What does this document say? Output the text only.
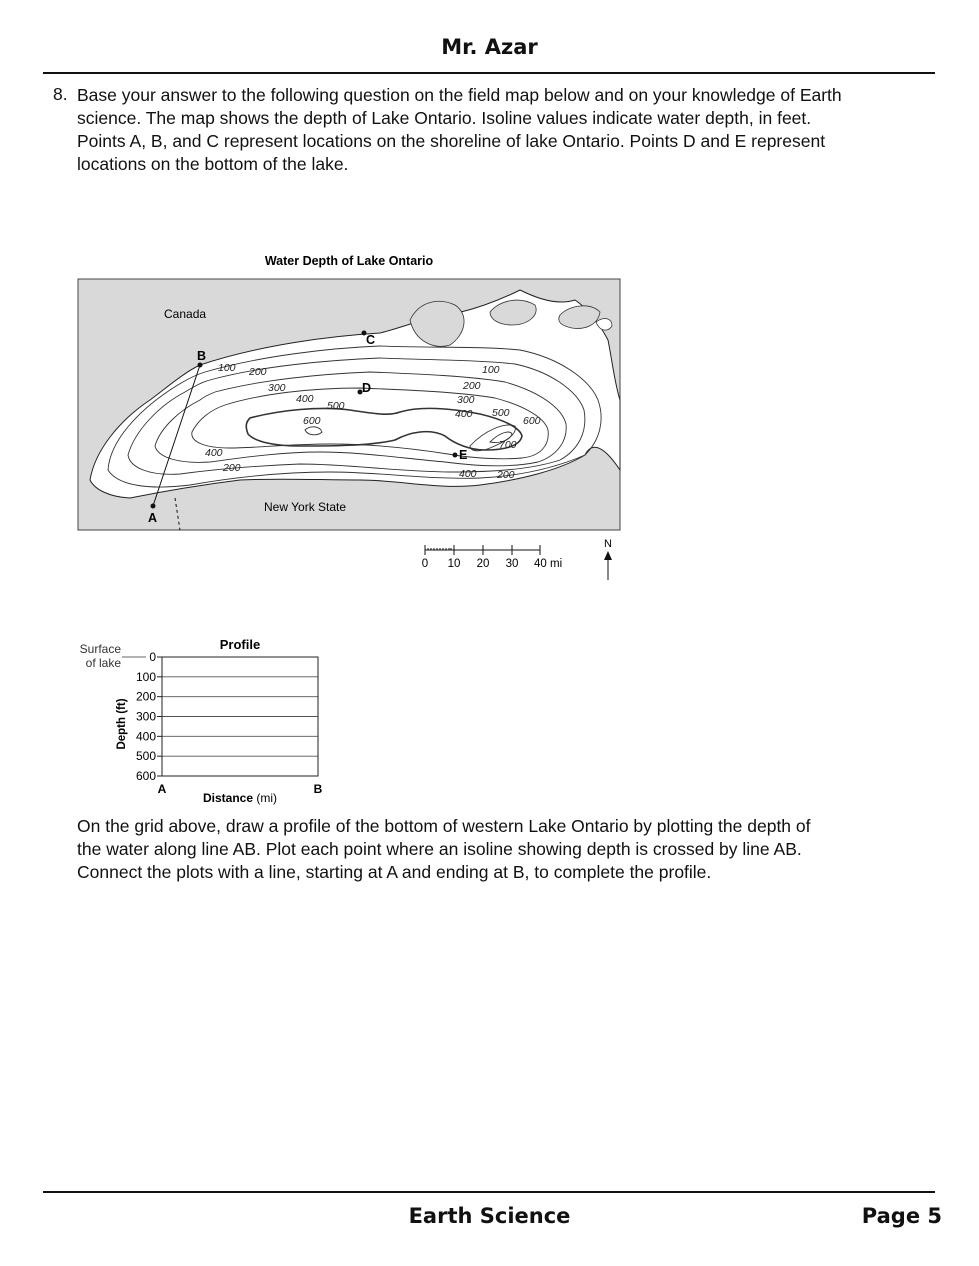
Mr. Azar
8. Base your answer to the following question on the field map below and on your knowledge of Earth science. The map shows the depth of Lake Ontario. Isoline values indicate water depth, in feet. Points A, B, and C represent locations on the shoreline of lake Ontario. Points D and E represent locations on the bottom of the lake.
Water Depth of Lake Ontario
B
A
C
D
E
Canada
New York State
100 200
300
400
500
600
400
200
100
200
300
400 500
600
700
400 200
0 10 20 30 40 mi
N
Profile
Surface
of lake
Depth (ft)
0
100
200
300
400
500
600
A	B
Distance (mi)
On the grid above, draw a profile of the bottom of western Lake Ontario by plotting the depth of the water along line AB. Plot each point where an isoline showing depth is crossed by line AB. Connect the plots with a line, starting at A and ending at B, to complete the profile.
Earth Science	Page 5
